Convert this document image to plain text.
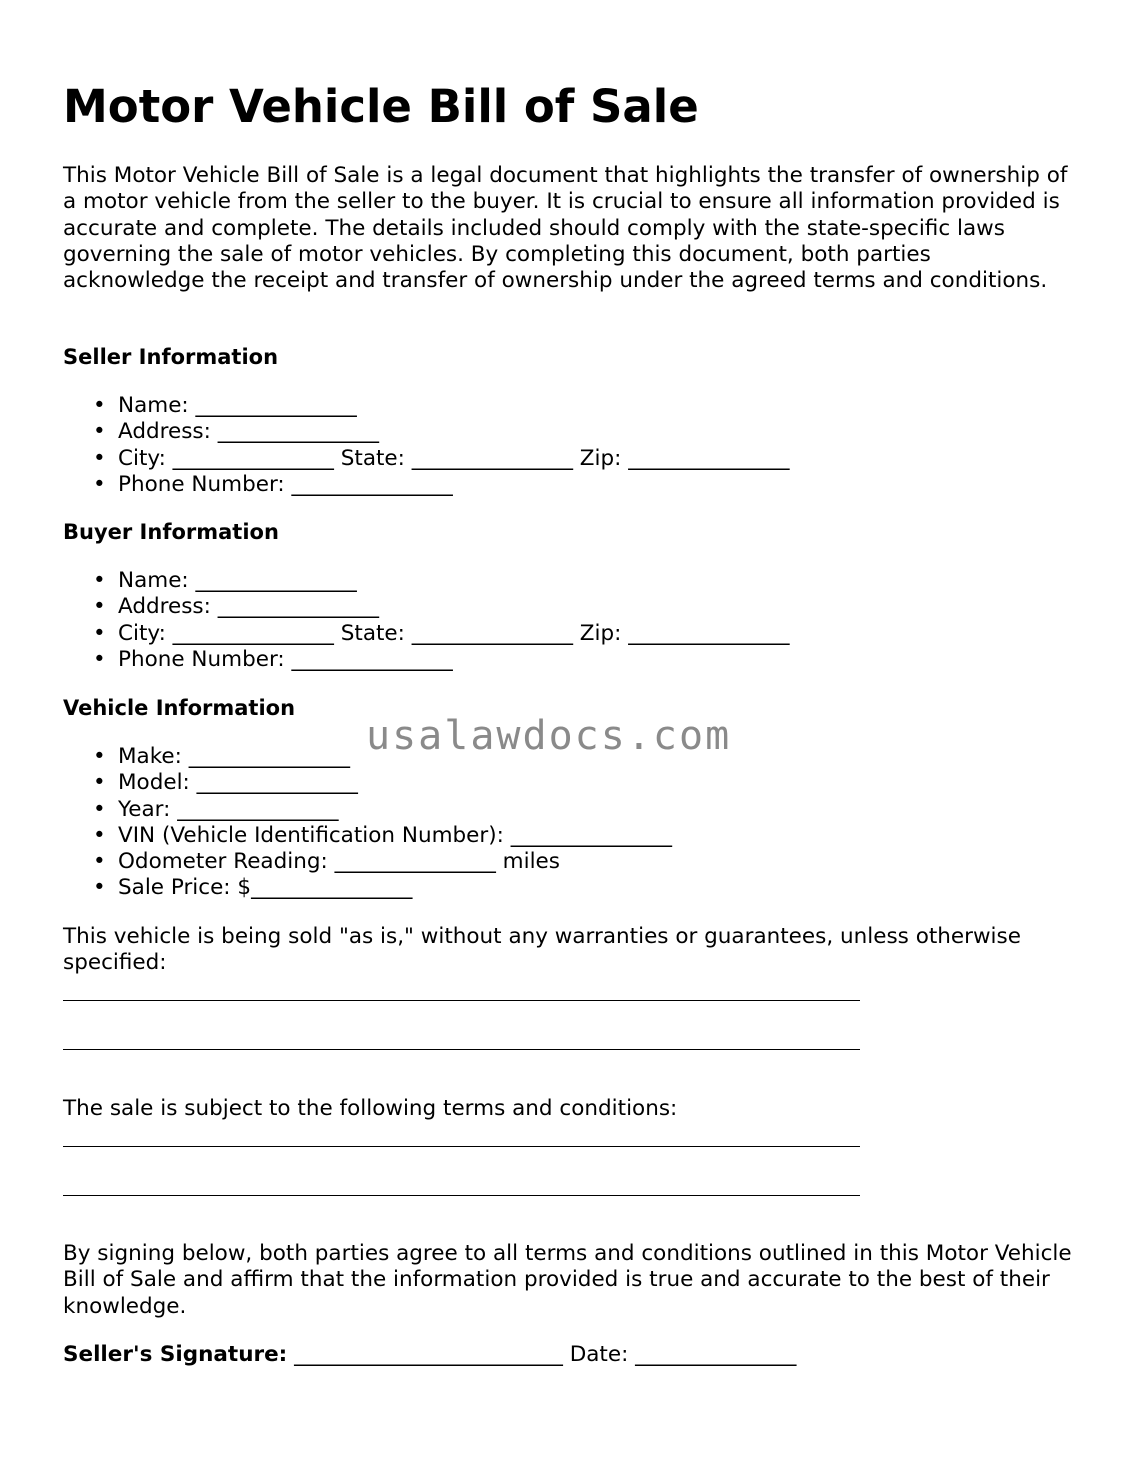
Motor Vehicle Bill of Sale

This Motor Vehicle Bill of Sale is a legal document that highlights the transfer of ownership of a motor vehicle from the seller to the buyer. It is crucial to ensure all information provided is accurate and complete. The details included should comply with the state-specific laws governing the sale of motor vehicles. By completing this document, both parties acknowledge the receipt and transfer of ownership under the agreed terms and conditions.

Seller Information
• Name: _______________
• Address: _______________
• City: _______________ State: _______________ Zip: _______________
• Phone Number: _______________
Buyer Information
• Name: _______________
• Address: _______________
• City: _______________ State: _______________ Zip: _______________
• Phone Number: _______________
Vehicle Information
• Make: _______________
• Model: _______________
• Year: _______________
• VIN (Vehicle Identification Number): _______________
• Odometer Reading: _______________ miles
• Sale Price: $_______________

This vehicle is being sold "as is," without any warranties or guarantees, unless otherwise specified:

The sale is subject to the following terms and conditions:

By signing below, both parties agree to all terms and conditions outlined in this Motor Vehicle Bill of Sale and affirm that the information provided is true and accurate to the best of their knowledge.

Seller's Signature: _________________________ Date: _______________

usalawdocs.com
